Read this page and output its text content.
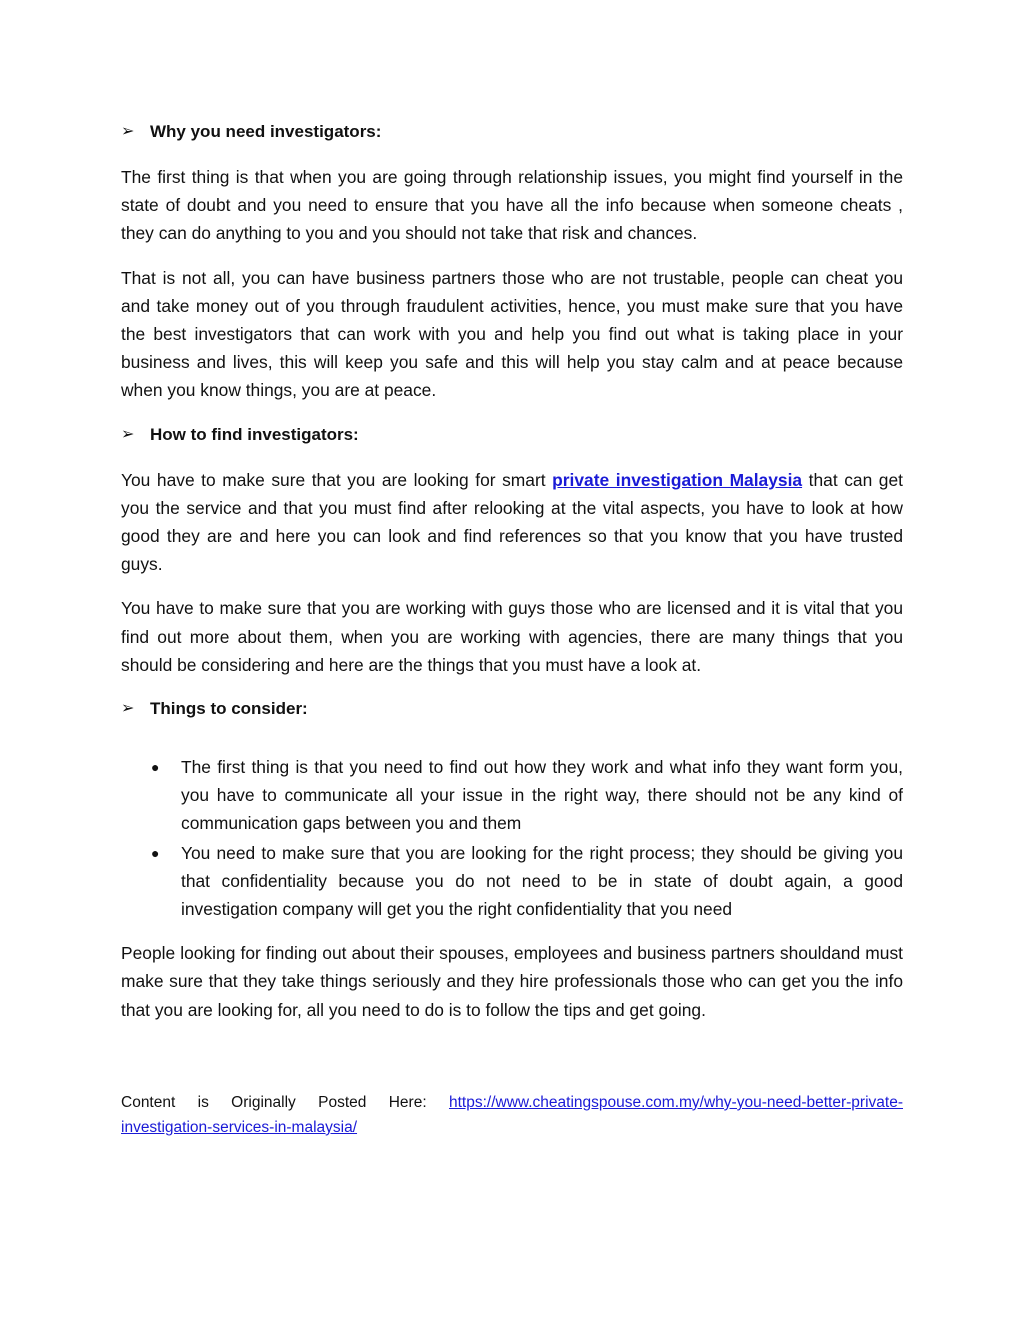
➢ Why you need investigators:

The first thing is that when you are going through relationship issues, you might find yourself in the state of doubt and you need to ensure that you have all the info because when someone cheats , they can do anything to you and you should not take that risk and chances.

That is not all, you can have business partners those who are not trustable, people can cheat you and take money out of you through fraudulent activities, hence, you must make sure that you have the best investigators that can work with you and help you find out what is taking place in your business and lives, this will keep you safe and this will help you stay calm and at peace because when you know things, you are at peace.

➢ How to find investigators:

You have to make sure that you are looking for smart private investigation Malaysia that can get you the service and that you must find after relooking at the vital aspects, you have to look at how good they are and here you can look and find references so that you know that you have trusted guys.

You have to make sure that you are working with guys those who are licensed and it is vital that you find out more about them, when you are working with agencies, there are many things that you should be considering and here are the things that you must have a look at.

➢ Things to consider:
● The first thing is that you need to find out how they work and what info they want form you, you have to communicate all your issue in the right way, there should not be any kind of communication gaps between you and them
● You need to make sure that you are looking for the right process; they should be giving you that confidentiality because you do not need to be in state of doubt again, a good investigation company will get you the right confidentiality that you need

People looking for finding out about their spouses, employees and business partners shouldand must make sure that they take things seriously and they hire professionals those who can get you the info that you are looking for, all you need to do is to follow the tips and get going.

Content is Originally Posted Here: https://www.cheatingspouse.com.my/why-you-need-better-private-investigation-services-in-malaysia/
